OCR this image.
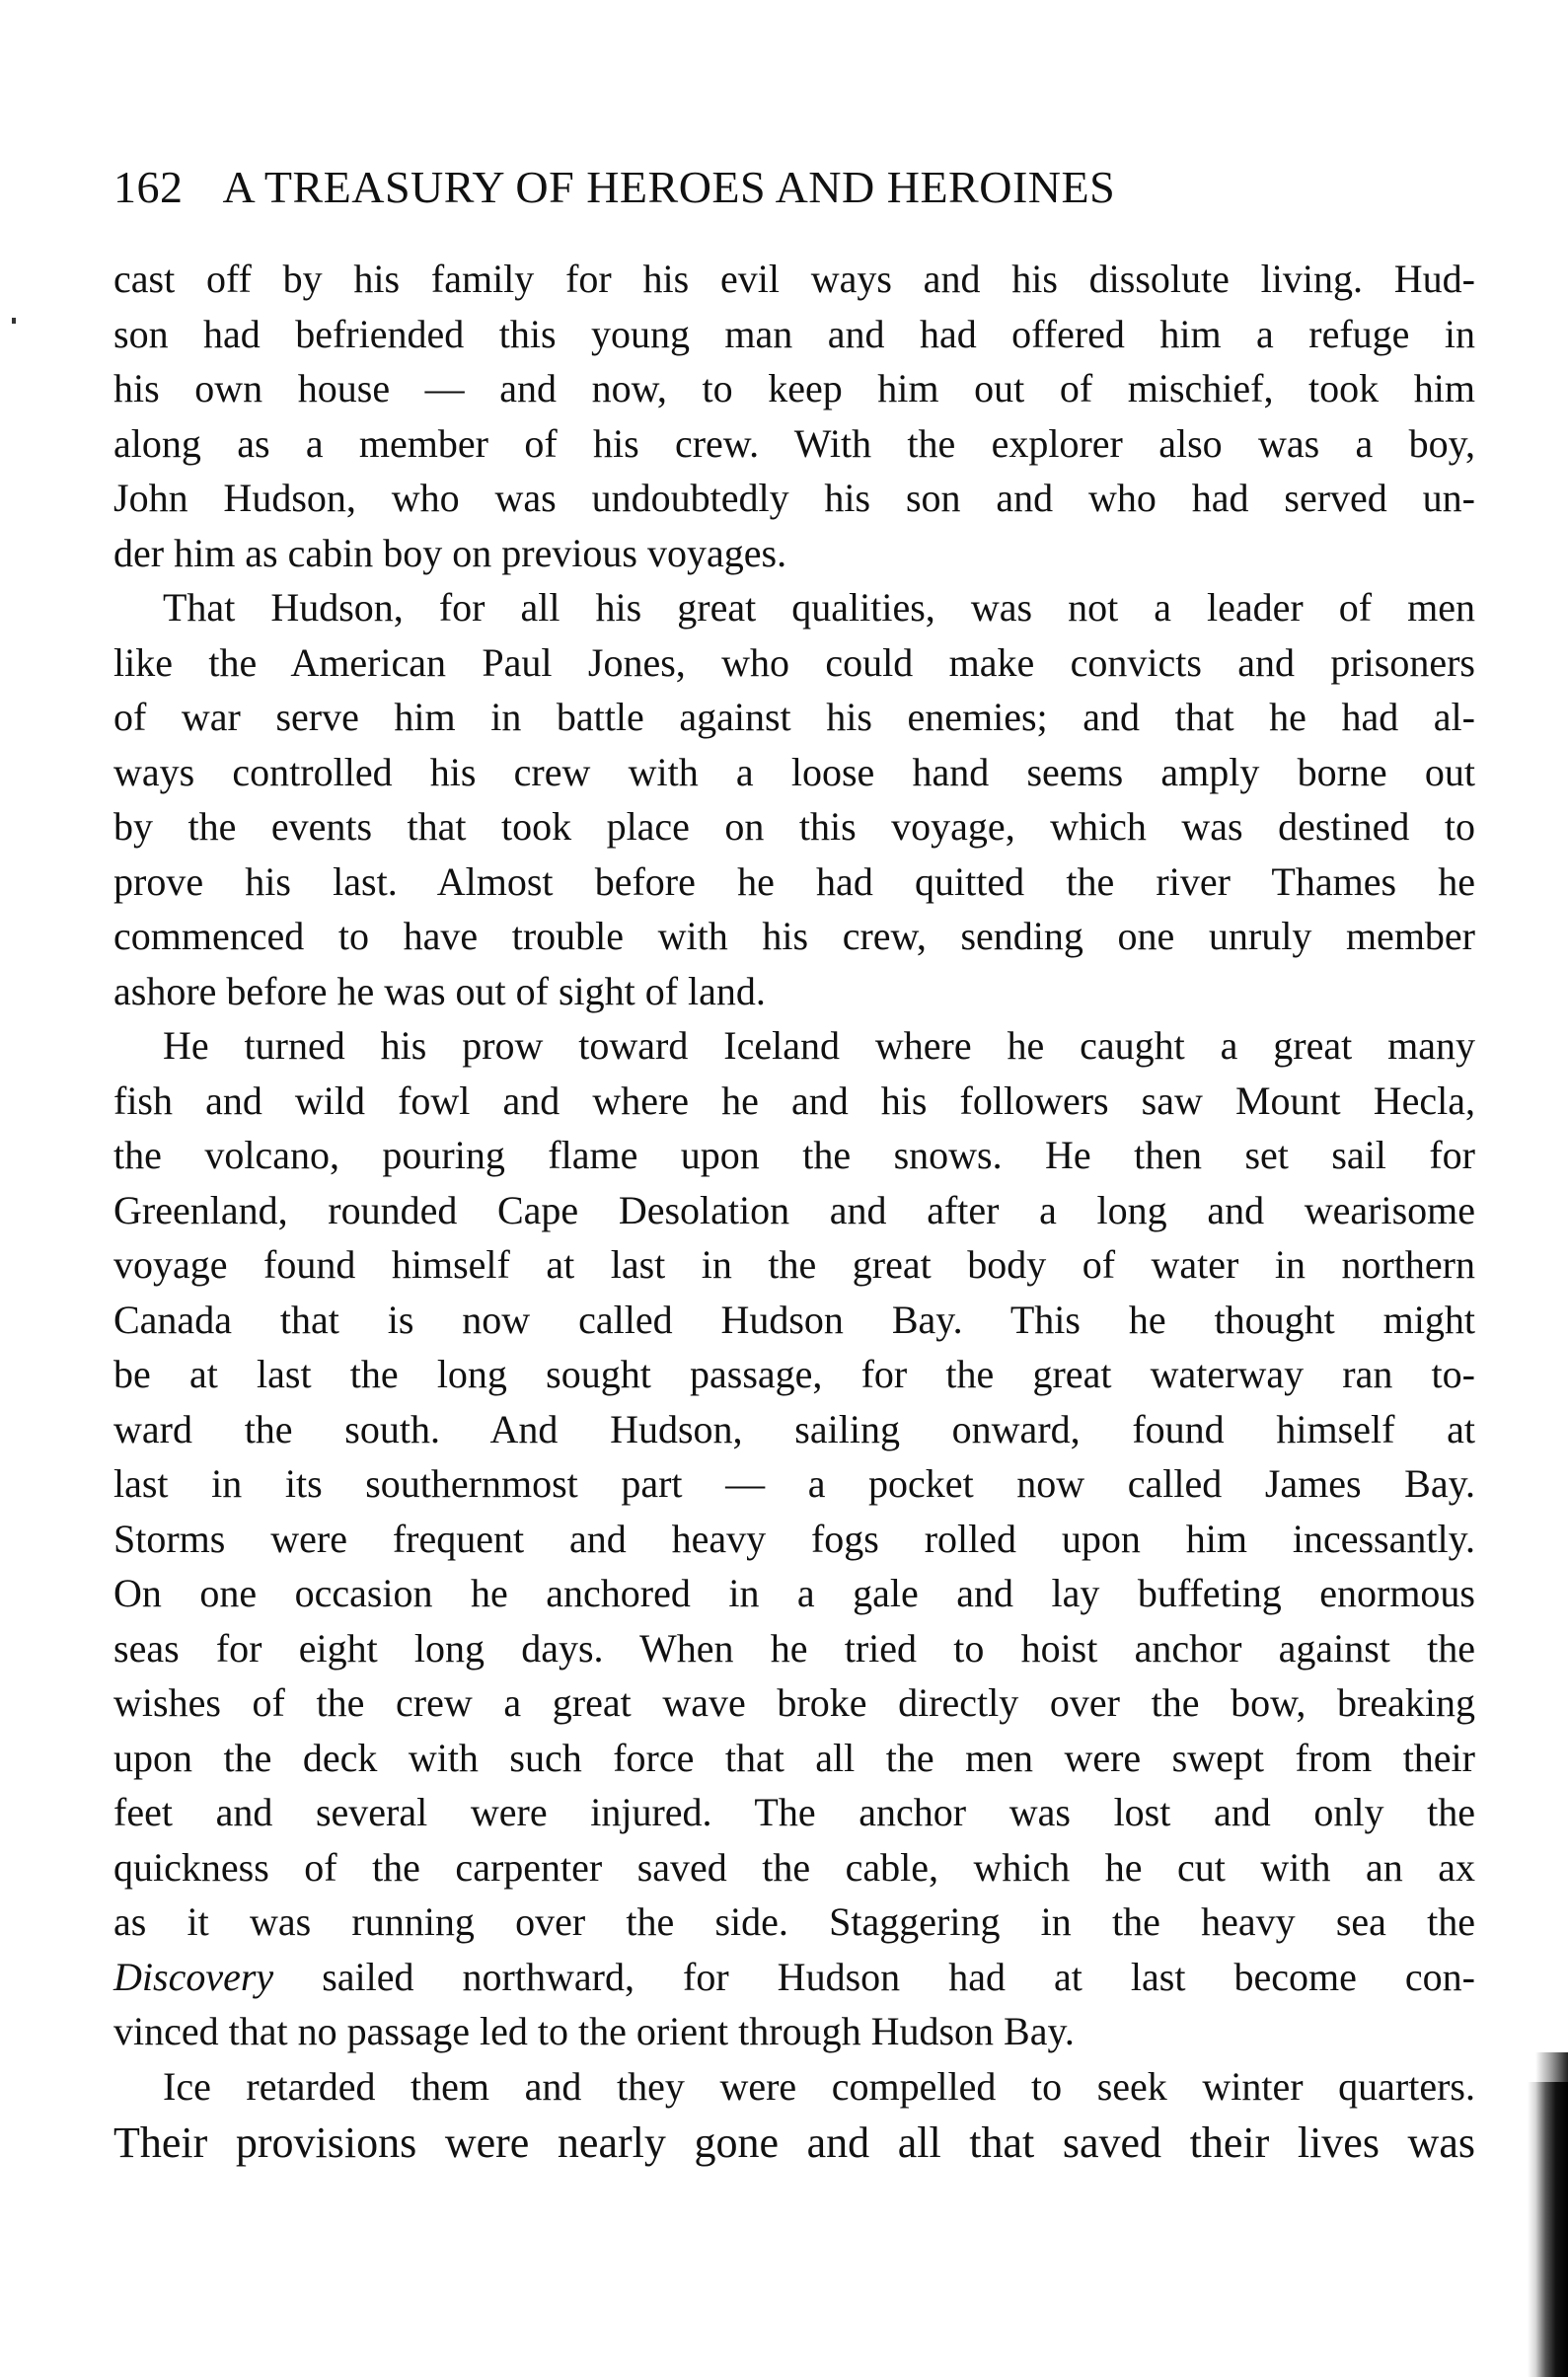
162 A TREASURY OF HEROES AND HEROINES
cast off by his family for his evil ways and his dissolute living. Hud-
son had befriended this young man and had offered him a refuge in
his own house — and now, to keep him out of mischief, took him
along as a member of his crew. With the explorer also was a boy,
John Hudson, who was undoubtedly his son and who had served un-
der him as cabin boy on previous voyages.
That Hudson, for all his great qualities, was not a leader of men
like the American Paul Jones, who could make convicts and prisoners
of war serve him in battle against his enemies; and that he had al-
ways controlled his crew with a loose hand seems amply borne out
by the events that took place on this voyage, which was destined to
prove his last. Almost before he had quitted the river Thames he
commenced to have trouble with his crew, sending one unruly member
ashore before he was out of sight of land.
He turned his prow toward Iceland where he caught a great many
fish and wild fowl and where he and his followers saw Mount Hecla,
the volcano, pouring flame upon the snows. He then set sail for
Greenland, rounded Cape Desolation and after a long and wearisome
voyage found himself at last in the great body of water in northern
Canada that is now called Hudson Bay. This he thought might
be at last the long sought passage, for the great waterway ran to-
ward the south. And Hudson, sailing onward, found himself at
last in its southernmost part — a pocket now called James Bay.
Storms were frequent and heavy fogs rolled upon him incessantly.
On one occasion he anchored in a gale and lay buffeting enormous
seas for eight long days. When he tried to hoist anchor against the
wishes of the crew a great wave broke directly over the bow, breaking
upon the deck with such force that all the men were swept from their
feet and several were injured. The anchor was lost and only the
quickness of the carpenter saved the cable, which he cut with an ax
as it was running over the side. Staggering in the heavy sea the
Discovery sailed northward, for Hudson had at last become con-
vinced that no passage led to the orient through Hudson Bay.
Ice retarded them and they were compelled to seek winter quarters.
Their provisions were nearly gone and all that saved their lives was
